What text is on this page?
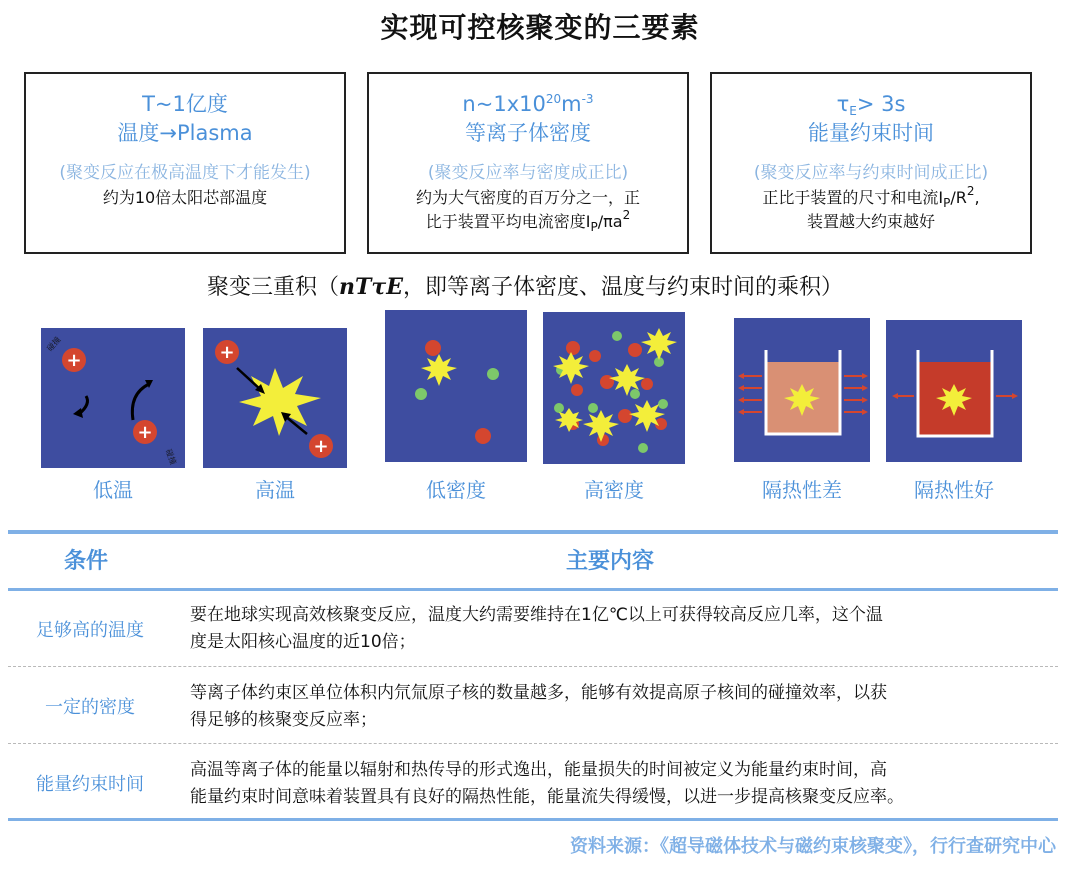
实现可控核聚变的三要素
T~1亿度
温度→Plasma
(聚变反应在极高温度下才能发生)
约为10倍太阳芯部温度
$n\sim 1x10^{20}m^{-3}$
等离子体密度
(聚变反应率与密度成正比)
约为大气密度的百万分之一，正
比于装置平均电流密度$I_P/\pi a^2$
$\tau_E> 3s$
能量约束时间
(聚变反应率与约束时间成正比)
正比于装置的尺寸和电流$I_P/R^2$,
装置越大约束越好
聚变三重积（nTτE，即等离子体密度、温度与约束时间的乘积）
碰撞
碰撞
+
+
+
+
低温	高温	低密度	高密度	隔热性差	隔热性好
条件	主要内容
足够高的温度
要在地球实现高效核聚变反应，温度大约需要维持在1亿℃以上可获得较高反应几率，这个温
度是太阳核心温度的近10倍；
一定的密度
等离子体约束区单位体积内氘氚原子核的数量越多，能够有效提高原子核间的碰撞效率，以获
得足够的核聚变反应率；
能量约束时间
高温等离子体的能量以辐射和热传导的形式逸出，能量损失的时间被定义为能量约束时间，高
能量约束时间意味着装置具有良好的隔热性能，能量流失得缓慢，以进一步提高核聚变反应率。
资料来源：《超导磁体技术与磁约束核聚变》，行行查研究中心
